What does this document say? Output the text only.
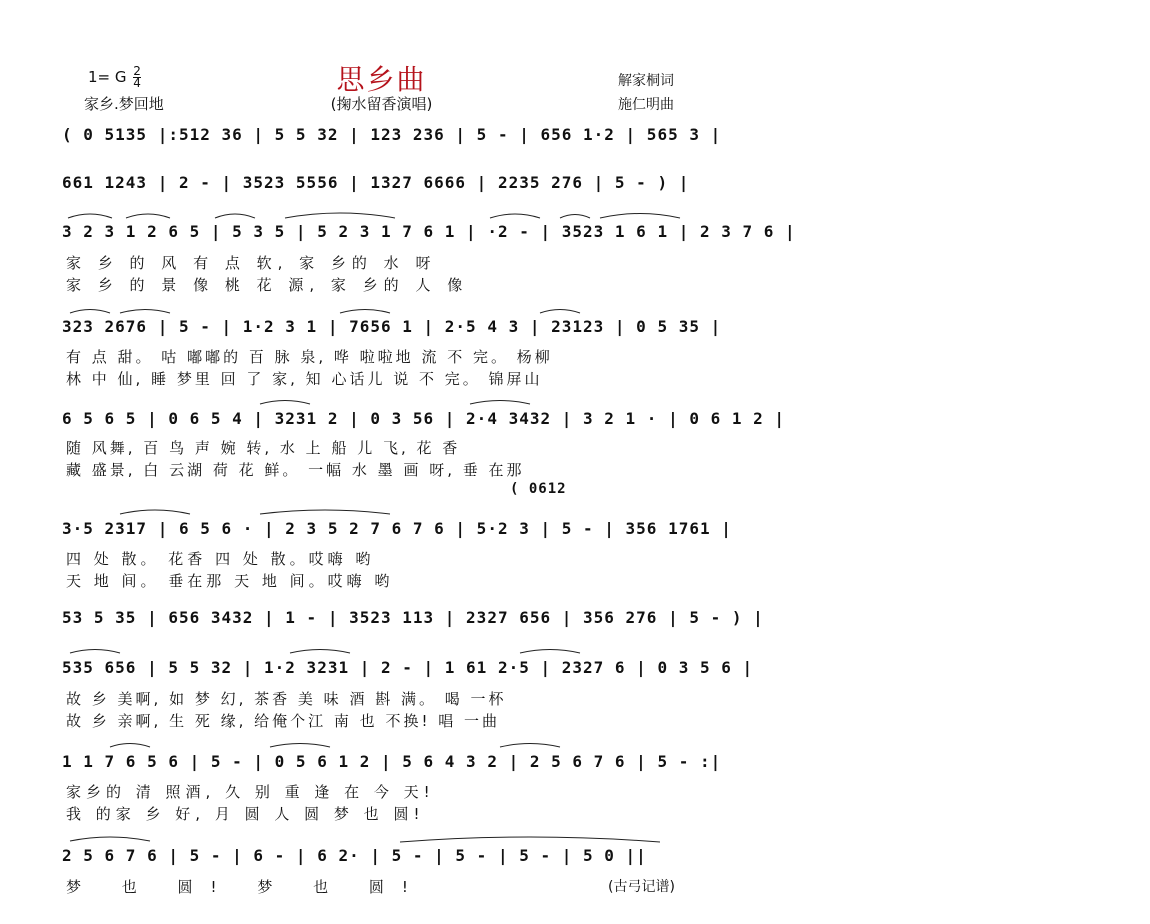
1= G $\frac{2}{4}$
家乡.梦回地
思乡曲
(掬水留香演唱)
解家桐词
施仁明曲
( 0 5135 |:512 36 | 5 5 32 | 123 236 | 5 - | 656 1·2 | 565 3 |
661 1243 | 2 - | 3523 5556 | 1327 6666 | 2235 276 | 5 - ) |
3 2 3 1 2 6 5 | 5 3 5 | 5 2 3 1 7 6 1 | ·2 - | 3523 1 6 1 | 2 3 7 6 |
家 乡 的 风 有 点 软, 家 乡的 水 呀
家 乡 的 景 像 桃 花 源, 家 乡的 人 像
323 2676 | 5 - | 1·2 3 1 | 7656 1 | 2·5 4 3 | 23123 | 0 5 35 |
有 点 甜。 咕 嘟嘟的 百 脉 泉, 哗 啦啦地 流 不 完。 杨柳
林 中 仙, 睡 梦里 回 了 家, 知 心话儿 说 不 完。 锦屏山
6 5 6 5 | 0 6 5 4 | 3231 2 | 0 3 56 | 2·4 3432 | 3 2 1 · | 0 6 1 2 |
随 风舞, 百 鸟 声 婉 转, 水 上 船 儿 飞, 花 香
藏 盛景, 白 云湖 荷 花 鲜。 一幅 水 墨 画 呀, 垂 在那
( 0612
3·5 2317 | 6 5 6 · | 2 3 5 2 7 6 7 6 | 5·2 3 | 5 - | 356 1761 |
四 处 散。 花香 四 处 散。哎嗨 哟
天 地 间。 垂在那 天 地 间。哎嗨 哟
53 5 35 | 656 3432 | 1 - | 3523 113 | 2327 656 | 356 276 | 5 - ) |
535 656 | 5 5 32 | 1·2 3231 | 2 - | 1 61 2·5 | 2327 6 | 0 3 5 6 |
故 乡 美啊, 如 梦 幻, 茶香 美 味 酒 斟 满。 喝 一杯
故 乡 亲啊, 生 死 缘, 给俺个江 南 也 不换! 唱 一曲
1 1 7 6 5 6 | 5 - | 0 5 6 1 2 | 5 6 4 3 2 | 2 5 6 7 6 | 5 - :|
家乡的 清 照酒, 久 别 重 逢 在 今 天!
我 的家 乡 好, 月 圆 人 圆 梦 也 圆!
2 5 6 7 6 | 5 - | 6 - | 6 2· | 5 - | 5 - | 5 - | 5 0 ||
梦 也 圆! 梦 也 圆!	(古弓记谱)
